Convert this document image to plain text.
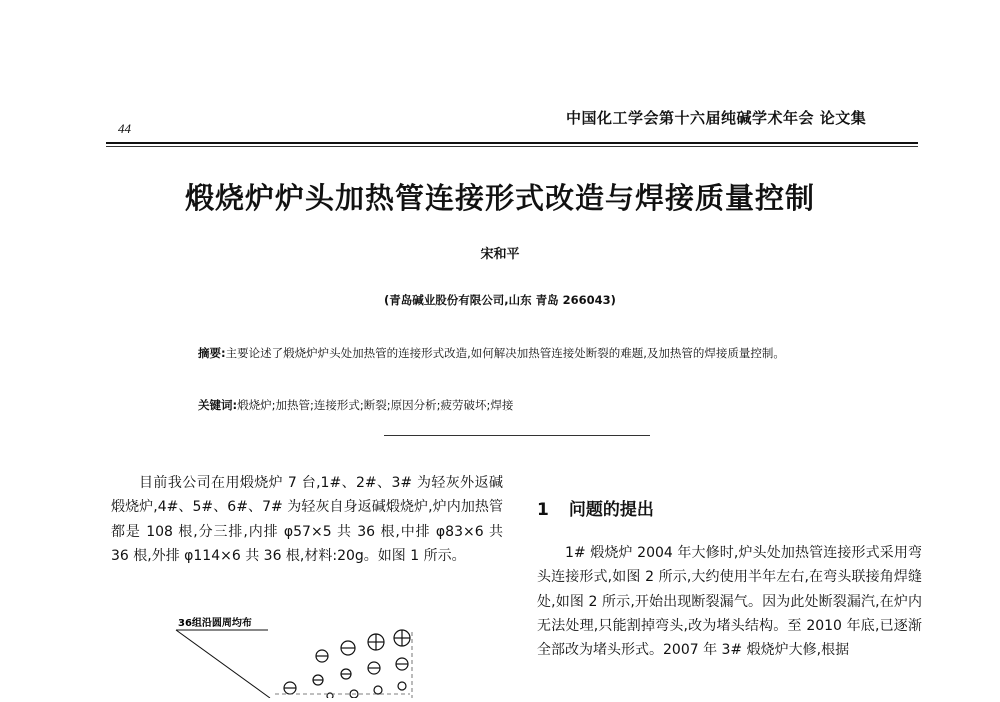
44
中国化工学会第十六届纯碱学术年会 论文集
煅烧炉炉头加热管连接形式改造与焊接质量控制
宋和平
(青岛碱业股份有限公司,山东 青岛 266043)
摘要:主要论述了煅烧炉炉头处加热管的连接形式改造,如何解决加热管连接处断裂的难题,及加热管的焊接质量控制。
关键词:煅烧炉;加热管;连接形式;断裂;原因分析;疲劳破坏;焊接
目前我公司在用煅烧炉 7 台,1#、2#、3# 为轻灰外返碱煅烧炉,4#、5#、6#、7# 为轻灰自身返碱煅烧炉,炉内加热管都是 108 根,分三排,内排 φ57×5 共 36 根,中排 φ83×6 共 36 根,外排 φ114×6 共 36 根,材料:20g。如图 1 所示。
1 问题的提出
1# 煅烧炉 2004 年大修时,炉头处加热管连接形式采用弯头连接形式,如图 2 所示,大约使用半年左右,在弯头联接角焊缝处,如图 2 所示,开始出现断裂漏气。因为此处断裂漏汽,在炉内无法处理,只能割掉弯头,改为堵头结构。至 2010 年底,已逐渐全部改为堵头形式。2007 年 3# 煅烧炉大修,根据
36组沿圆周均布
